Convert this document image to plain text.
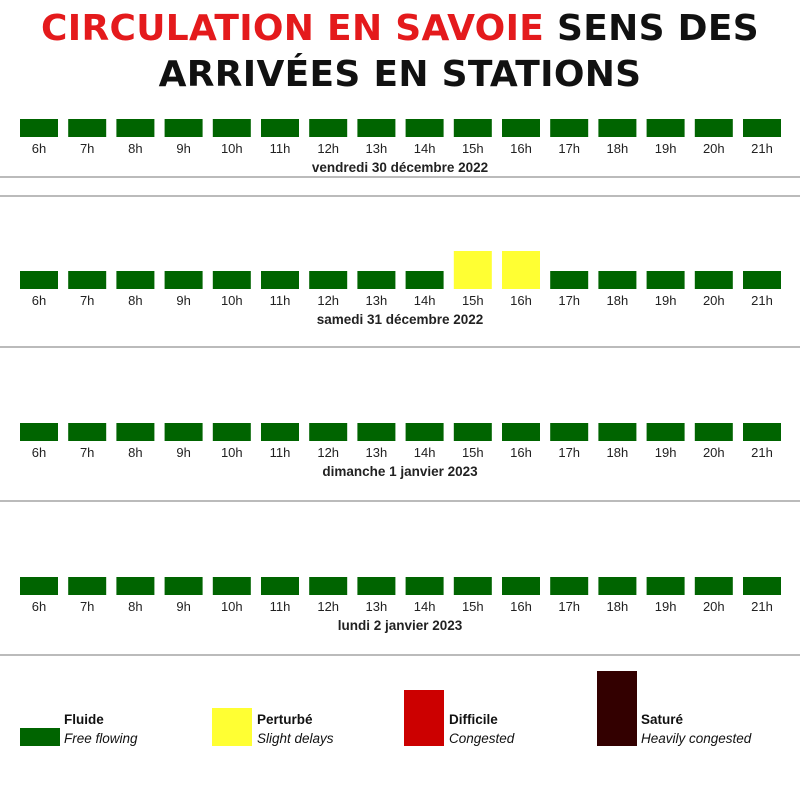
CIRCULATION EN SAVOIE SENS DES ARRIVÉES EN STATIONS
6h	7h	8h	9h 10h 11h 12h 13h 14h 15h 16h 17h 18h 19h 20h 21h
vendredi 30 décembre 2022
6h	7h	8h	9h 10h 11h 12h 13h 14h 15h 16h 17h 18h 19h 20h 21h
samedi 31 décembre 2022
6h	7h	8h	9h 10h 11h 12h 13h 14h 15h 16h 17h 18h 19h 20h 21h
dimanche 1 janvier 2023
6h	7h	8h	9h 10h 11h 12h 13h 14h 15h 16h 17h 18h 19h 20h 21h
lundi 2 janvier 2023
Fluide
Free flowing
Perturbé
Slight delays
Difficile
Congested
Saturé
Heavily congested
